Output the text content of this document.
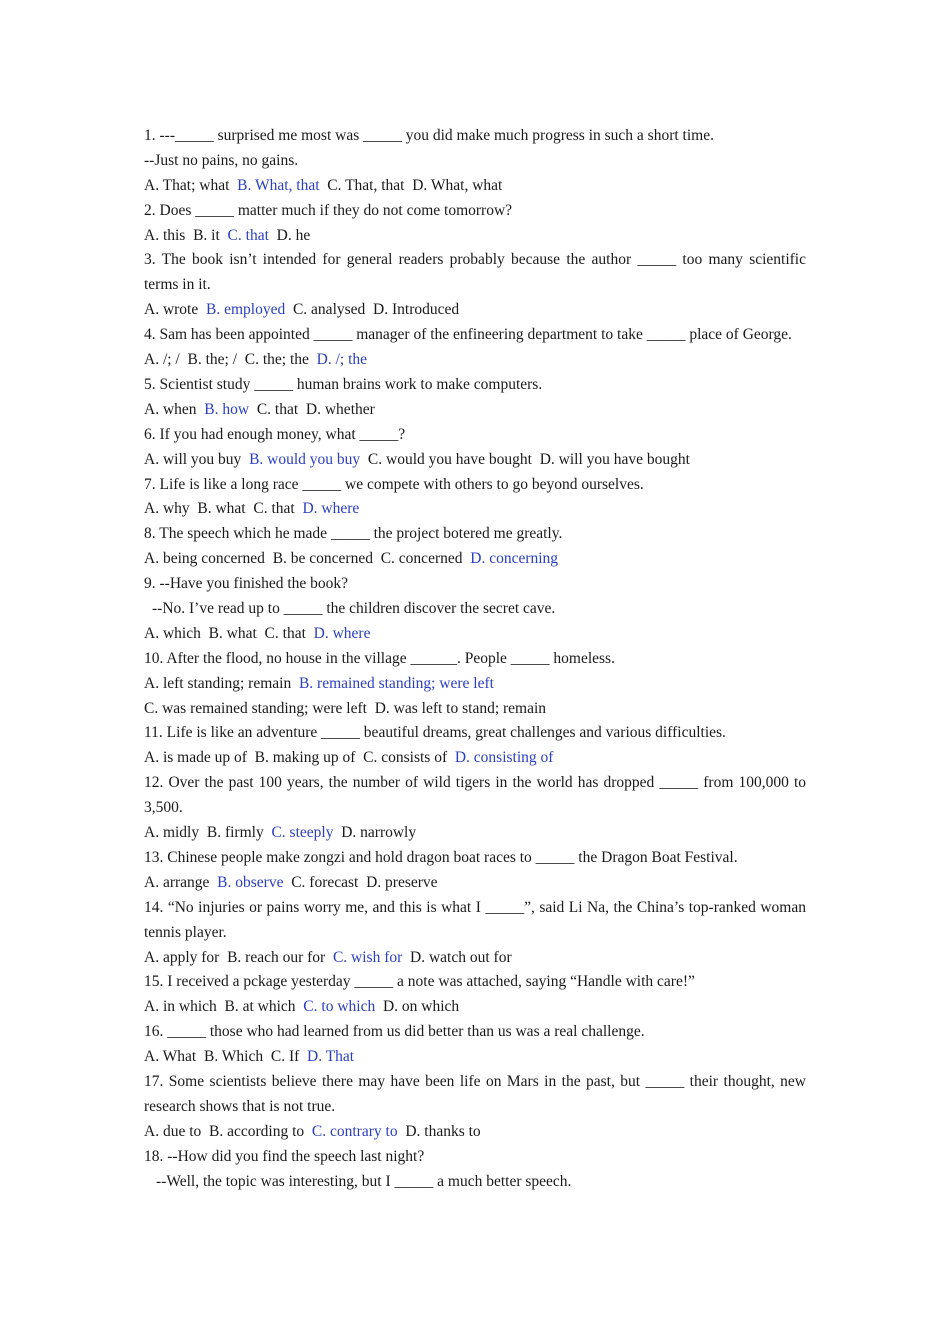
1. ---_____ surprised me most was _____ you did make much progress in such a short time.
--Just no pains, no gains.
A. That; what B. What, that C. That, that D. What, what
2. Does _____ matter much if they do not come tomorrow?
A. this B. it C. that D. he
3. The book isn’t intended for general readers probably because the author _____ too many scientific terms in it.
A. wrote B. employed C. analysed D. Introduced
4. Sam has been appointed _____ manager of the enfineering department to take _____ place of George.
A. /; / B. the; / C. the; the D. /; the
5. Scientist study _____ human brains work to make computers.
A. when B. how C. that D. whether
6. If you had enough money, what _____?
A. will you buy B. would you buy C. would you have bought D. will you have bought
7. Life is like a long race _____ we compete with others to go beyond ourselves.
A. why B. what C. that D. where
8. The speech which he made _____ the project botered me greatly.
A. being concerned B. be concerned C. concerned D. concerning
9. --Have you finished the book?
--No. I’ve read up to _____ the children discover the secret cave.
A. which B. what C. that D. where
10. After the flood, no house in the village ______. People _____ homeless.
A. left standing; remain B. remained standing; were left
C. was remained standing; were left D. was left to stand; remain
11. Life is like an adventure _____ beautiful dreams, great challenges and various difficulties.
A. is made up of B. making up of C. consists of D. consisting of
12. Over the past 100 years, the number of wild tigers in the world has dropped _____ from 100,000 to 3,500.
A. midly B. firmly C. steeply D. narrowly
13. Chinese people make zongzi and hold dragon boat races to _____ the Dragon Boat Festival.
A. arrange B. observe C. forecast D. preserve
14. “No injuries or pains worry me, and this is what I _____”, said Li Na, the China’s top-ranked woman tennis player.
A. apply for B. reach our for C. wish for D. watch out for
15. I received a pckage yesterday _____ a note was attached, saying “Handle with care!”
A. in which B. at which C. to which D. on which
16. _____ those who had learned from us did better than us was a real challenge.
A. What B. Which C. If D. That
17. Some scientists believe there may have been life on Mars in the past, but _____ their thought, new research shows that is not true.
A. due to B. according to C. contrary to D. thanks to
18. --How did you find the speech last night?
--Well, the topic was interesting, but I _____ a much better speech.
